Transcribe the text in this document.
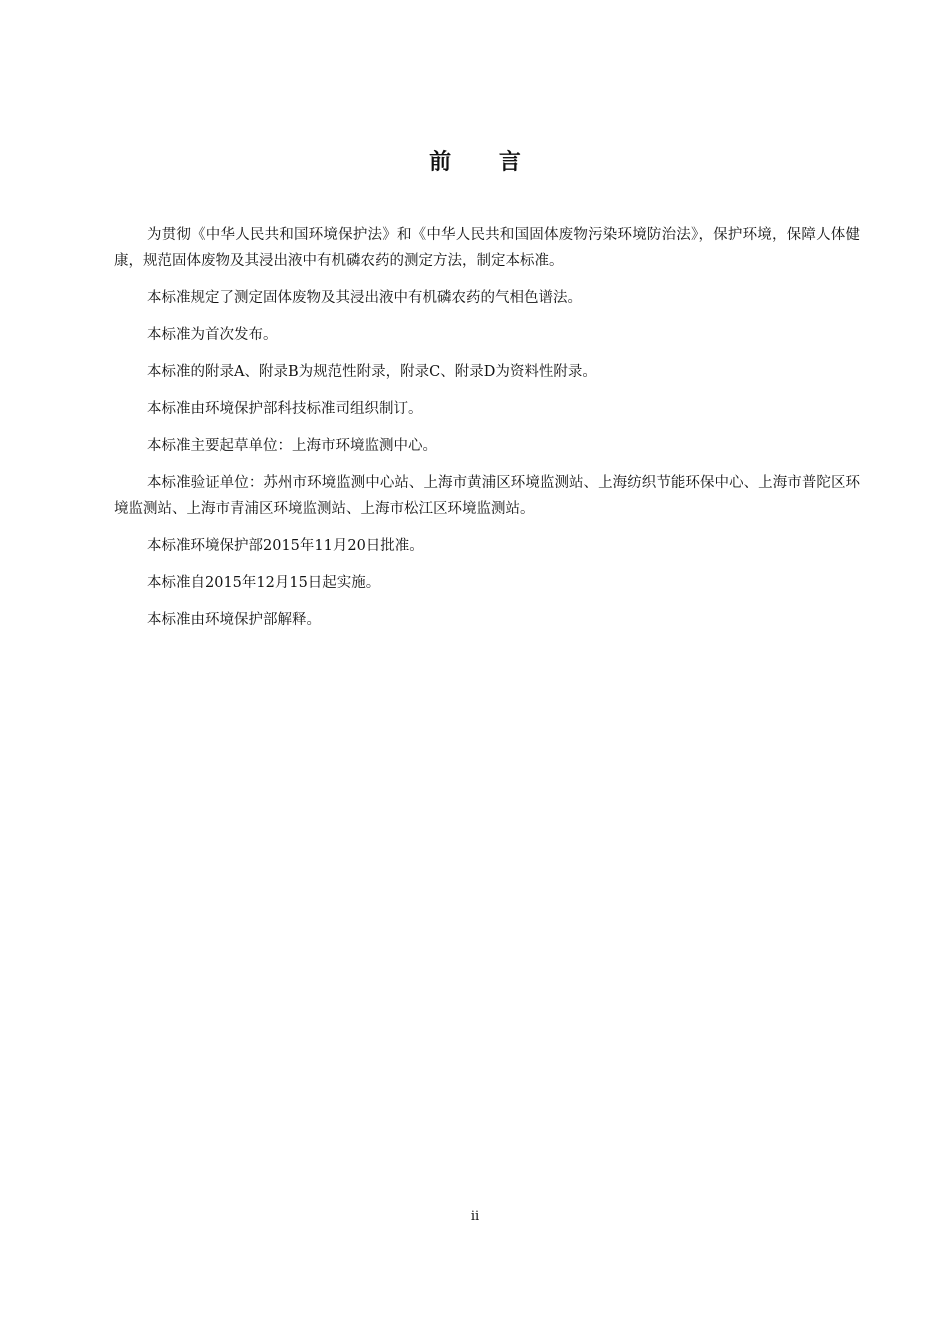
前 言

为贯彻《中华人民共和国环境保护法》和《中华人民共和国固体废物污染环境防治法》，保护环境，保障人体健康，规范固体废物及其浸出液中有机磷农药的测定方法，制定本标准。

本标准规定了测定固体废物及其浸出液中有机磷农药的气相色谱法。

本标准为首次发布。

本标准的附录A、附录B为规范性附录，附录C、附录D为资料性附录。

本标准由环境保护部科技标准司组织制订。

本标准主要起草单位：上海市环境监测中心。

本标准验证单位：苏州市环境监测中心站、上海市黄浦区环境监测站、上海纺织节能环保中心、上海市普陀区环境监测站、上海市青浦区环境监测站、上海市松江区环境监测站。

本标准环境保护部2015年11月20日批准。

本标准自2015年12月15日起实施。

本标准由环境保护部解释。

ii
